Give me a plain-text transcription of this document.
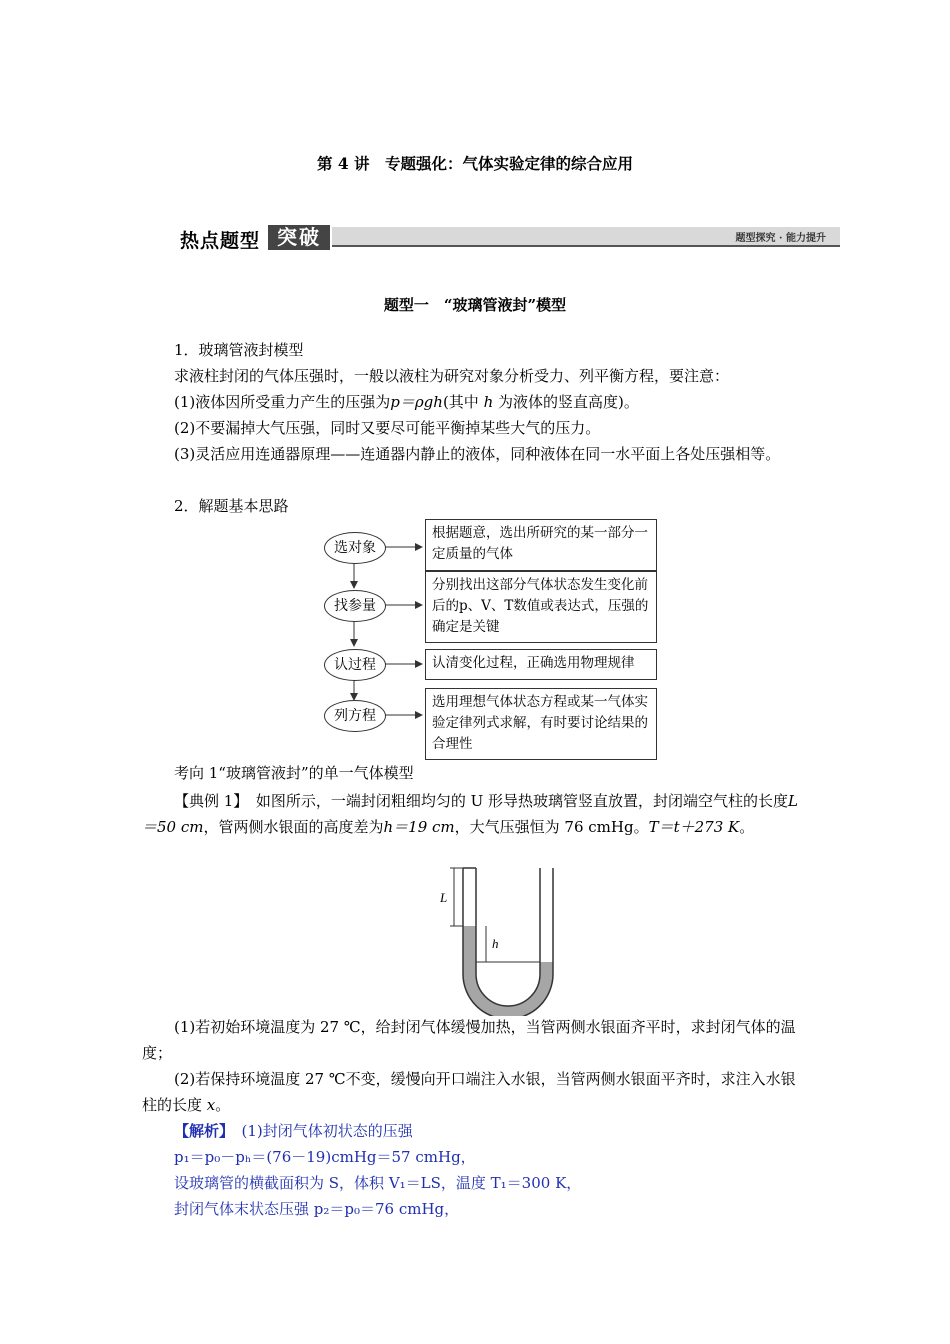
第 4 讲　专题强化：气体实验定律的综合应用
热点题型 突破	题型探究 · 能力提升
题型一　“玻璃管液封”模型
1．玻璃管液封模型
求液柱封闭的气体压强时，一般以液柱为研究对象分析受力、列平衡方程，要注意：
(1)液体因所受重力产生的压强为p＝ρgh(其中 h 为液体的竖直高度)。
(2)不要漏掉大气压强，同时又要尽可能平衡掉某些大气的压力。
(3)灵活应用连通器原理——连通器内静止的液体，同种液体在同一水平面上各处压强相等。
2．解题基本思路
选对象
找参量
认过程
列方程
根据题意，选出所研究的某一部分一定质量的气体
分别找出这部分气体状态发生变化前后的p、V、T数值或表达式，压强的确定是关键
认清变化过程，正确选用物理规律
选用理想气体状态方程或某一气体实验定律列式求解，有时要讨论结果的合理性
考向 1“玻璃管液封”的单一气体模型
【典例 1】　如图所示，一端封闭粗细均匀的 U 形导热玻璃管竖直放置，封闭端空气柱的长度L＝50 cm，管两侧水银面的高度差为h＝19 cm，大气压强恒为 76 cmHg。T＝t＋273 K。
L
h
(1)若初始环境温度为 27 ℃，给封闭气体缓慢加热，当管两侧水银面齐平时，求封闭气体的温度；
(2)若保持环境温度 27 ℃不变，缓慢向开口端注入水银，当管两侧水银面平齐时，求注入水银柱的长度 x。
【解析】　(1)封闭气体初状态的压强
p₁＝p₀－pₕ＝(76－19)cmHg＝57 cmHg，
设玻璃管的横截面积为 S，体积 V₁＝LS，温度 T₁＝300 K，
封闭气体末状态压强 p₂＝p₀＝76 cmHg，
